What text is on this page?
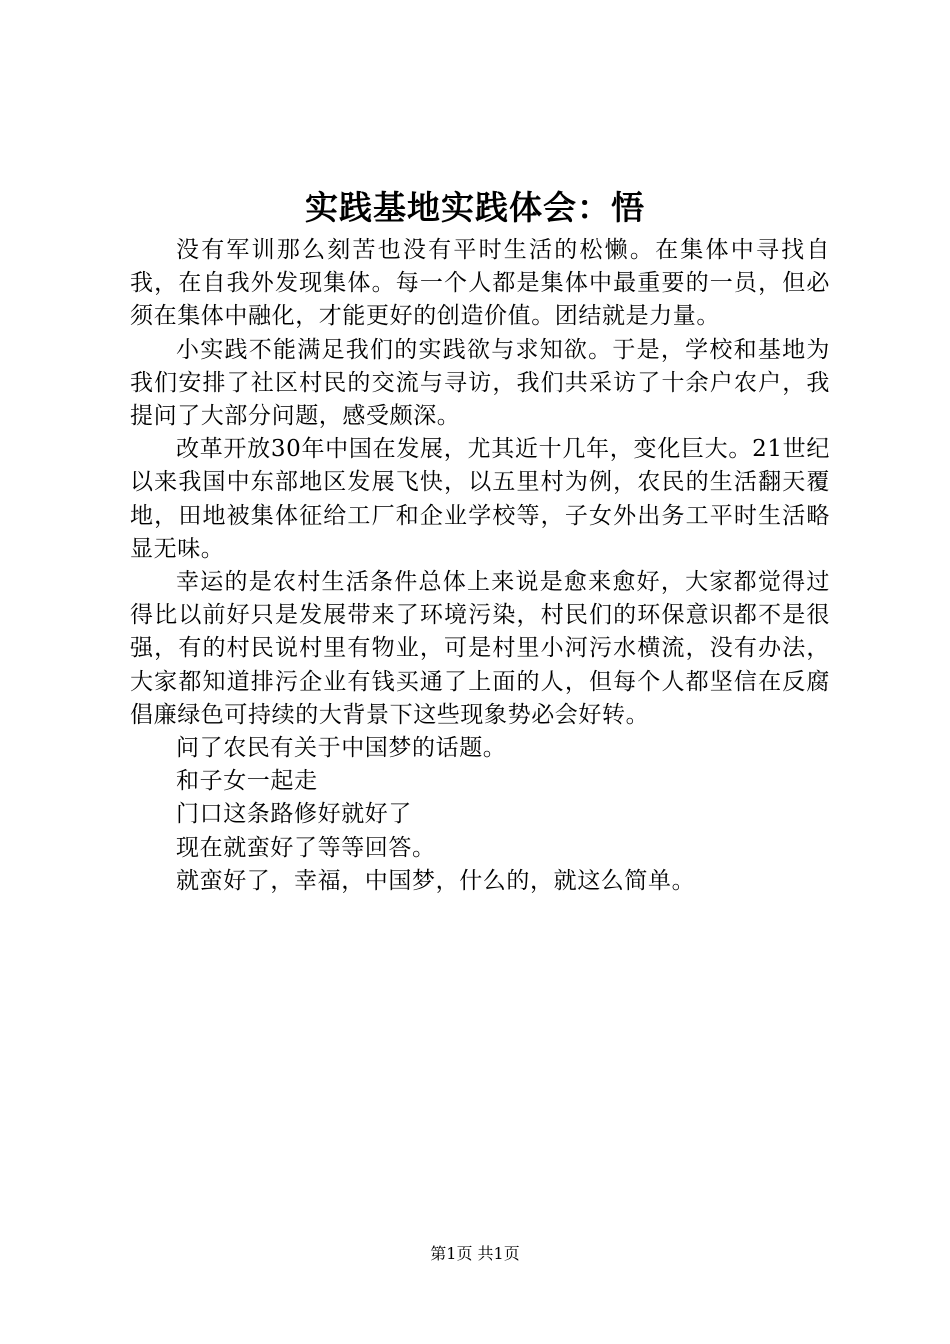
实践基地实践体会：悟

没有军训那么刻苦也没有平时生活的松懒。在集体中寻找自我，在自我外发现集体。每一个人都是集体中最重要的一员，但必须在集体中融化，才能更好的创造价值。团结就是力量。

小实践不能满足我们的实践欲与求知欲。于是，学校和基地为我们安排了社区村民的交流与寻访，我们共采访了十余户农户，我提问了大部分问题，感受颇深。

改革开放30年中国在发展，尤其近十几年，变化巨大。21世纪以来我国中东部地区发展飞快，以五里村为例，农民的生活翻天覆地，田地被集体征给工厂和企业学校等，子女外出务工平时生活略显无味。

幸运的是农村生活条件总体上来说是愈来愈好，大家都觉得过得比以前好只是发展带来了环境污染，村民们的环保意识都不是很强，有的村民说村里有物业，可是村里小河污水横流，没有办法，大家都知道排污企业有钱买通了上面的人，但每个人都坚信在反腐倡廉绿色可持续的大背景下这些现象势必会好转。

问了农民有关于中国梦的话题。

和子女一起走

门口这条路修好就好了

现在就蛮好了等等回答。

就蛮好了，幸福，中国梦，什么的，就这么简单。

第1页 共1页
